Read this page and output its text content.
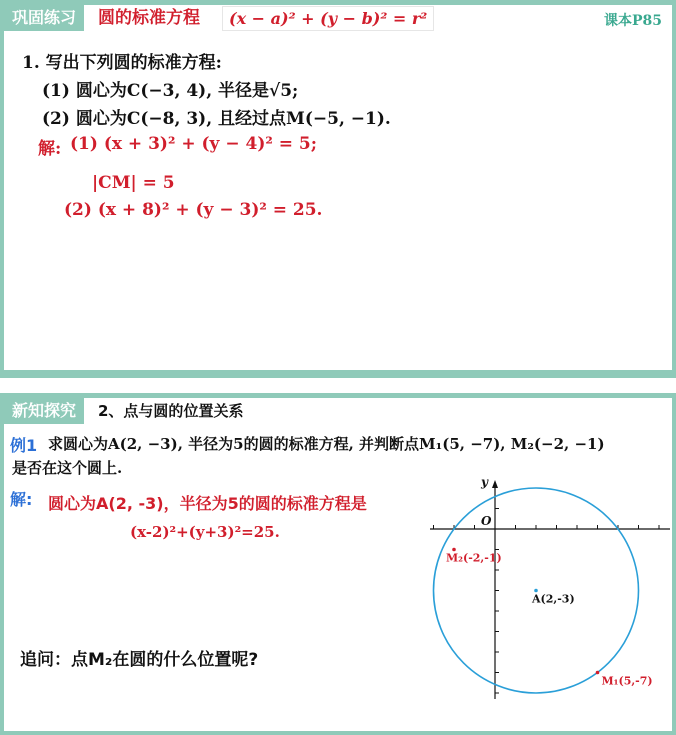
巩固练习	圆的标准方程	(x − a)² + (y − b)² = r²	课本P85
1. 写出下列圆的标准方程:
(1) 圆心为C(−3, 4), 半径是√5;
(2) 圆心为C(−8, 3), 且经过点M(−5, −1).
解: (1) (x + 3)² + (y − 4)² = 5;
|CM| = 5
(2) (x + 8)² + (y − 3)² = 25.
新知探究	2、点与圆的位置关系
例1 求圆心为A(2, −3), 半径为5的圆的标准方程, 并判断点M₁(5, −7), M₂(−2, −1)
是否在这个圆上.
解: 圆心为A(2, -3)，半径为5的圆的标准方程是
(x-2)²+(y+3)²=25.
追问：点M₂在圆的什么位置呢?
y
O
A(2,-3)
M₂(-2,-1)
M₁(5,-7)
